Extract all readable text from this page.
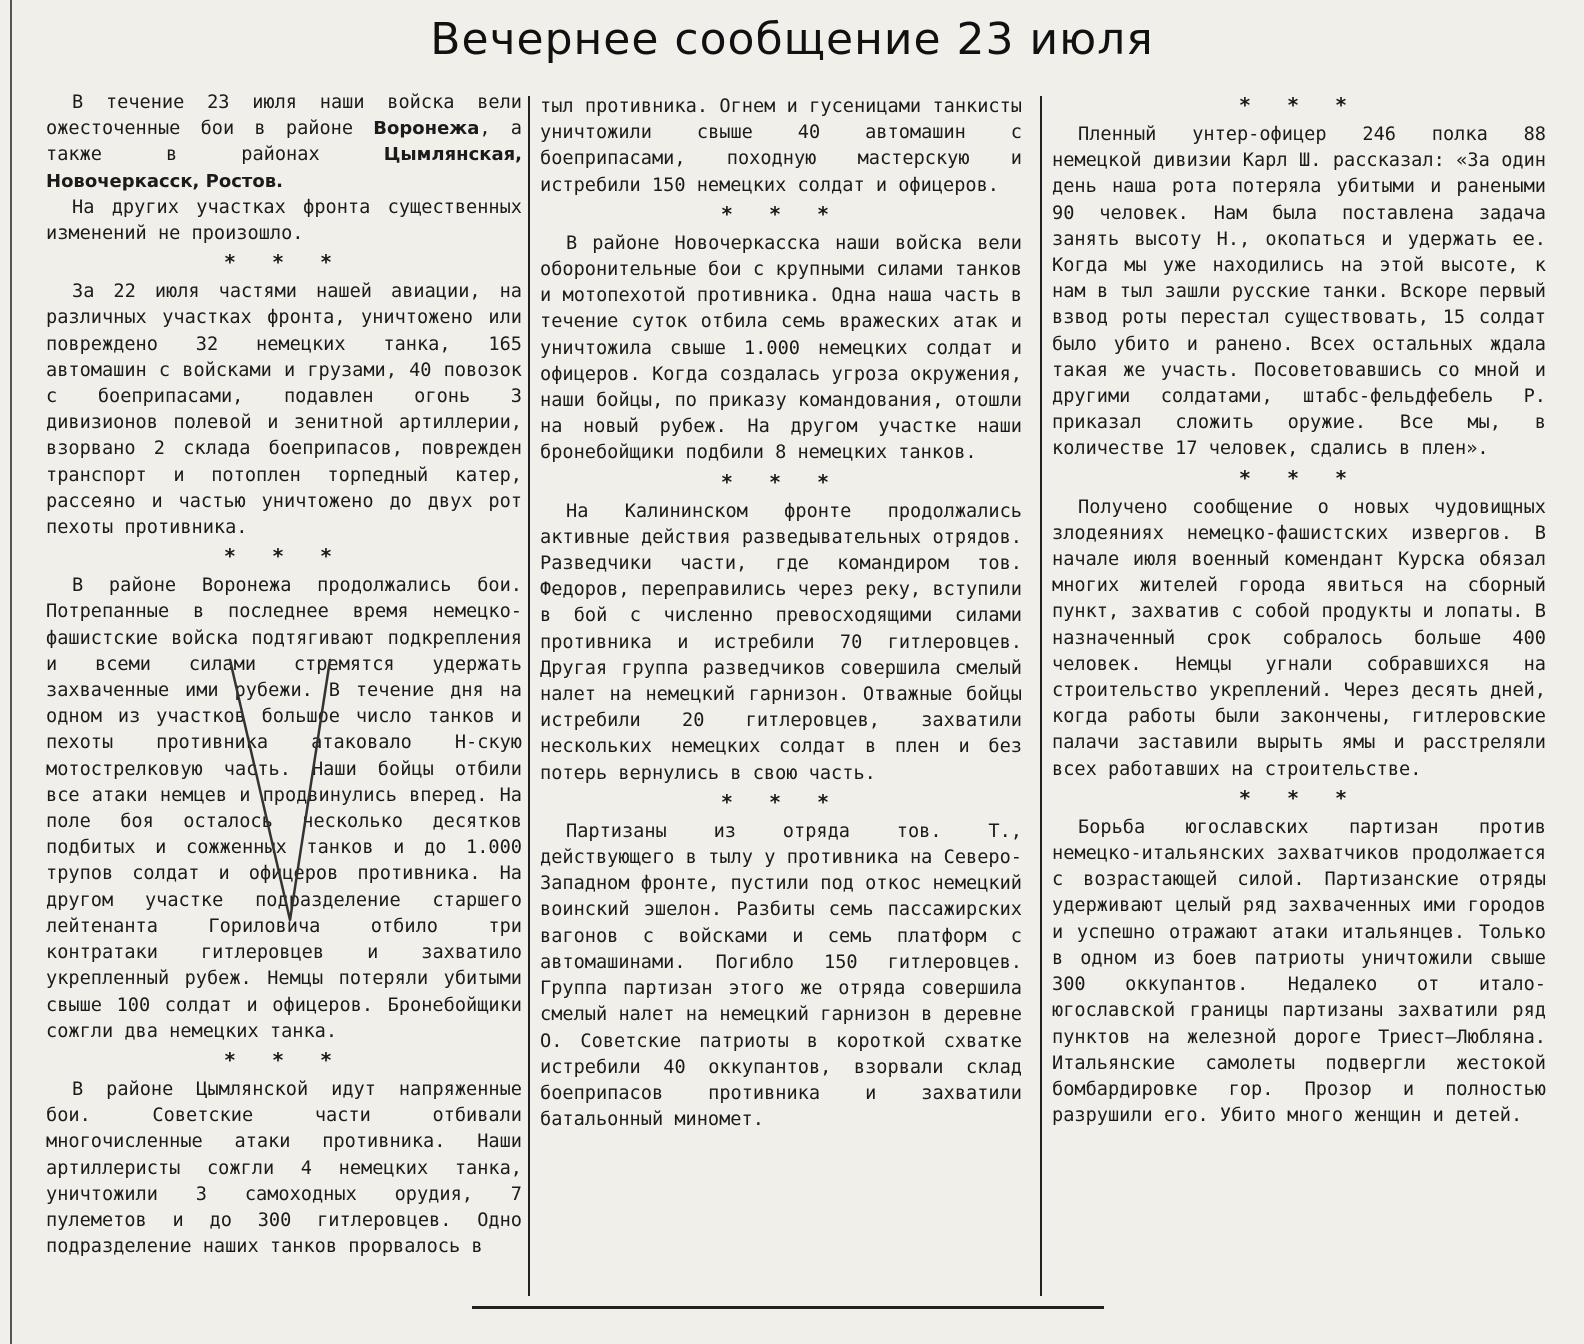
Вечернее сообщение 23 июля

В течение 23 июля наши войска вели ожесточенные бои в районе Воронежа, а также в районах Цымлянская, Новочеркасск, Ростов.

На других участках фронта существенных изменений не произошло.

* * *

За 22 июля частями нашей авиации, на различных участках фронта, уничтожено или повреждено 32 немецких танка, 165 автомашин с войсками и грузами, 40 повозок с боеприпасами, подавлен огонь 3 дивизионов полевой и зенитной артиллерии, взорвано 2 склада боеприпасов, поврежден транспорт и потоплен торпедный катер, рассеяно и частью уничтожено до двух рот пехоты противника.

* * *

В районе Воронежа продолжались бои. Потрепанные в последнее время немецко-фашистские войска подтягивают подкрепления и всеми силами стремятся удержать захваченные ими рубежи. В течение дня на одном из участков большое число танков и пехоты противника атаковало Н-скую мотострелковую часть. Наши бойцы отбили все атаки немцев и продвинулись вперед. На поле боя осталось несколько десятков подбитых и сожженных танков и до 1.000 трупов солдат и офицеров противника. На другом участке подразделение старшего лейтенанта Гориловича отбило три контратаки гитлеровцев и захватило укрепленный рубеж. Немцы потеряли убитыми свыше 100 солдат и офицеров. Бронебойщики сожгли два немецких танка.

* * *

В районе Цымлянской идут напряженные бои. Советские части отбивали многочисленные атаки противника. Наши артиллеристы сожгли 4 немецких танка, уничтожили 3 самоходных орудия, 7 пулеметов и до 300 гитлеровцев. Одно подразделение наших танков прорвалось в

тыл противника. Огнем и гусеницами танкисты уничтожили свыше 40 автомашин с боеприпасами, походную мастерскую и истребили 150 немецких солдат и офицеров.

* * *

В районе Новочеркасска наши войска вели оборонительные бои с крупными силами танков и мотопехотой противника. Одна наша часть в течение суток отбила семь вражеских атак и уничтожила свыше 1.000 немецких солдат и офицеров. Когда создалась угроза окружения, наши бойцы, по приказу командования, отошли на новый рубеж. На другом участке наши бронебойщики подбили 8 немецких танков.

* * *

На Калининском фронте продолжались активные действия разведывательных отрядов. Разведчики части, где командиром тов. Федоров, переправились через реку, вступили в бой с численно превосходящими силами противника и истребили 70 гитлеровцев. Другая группа разведчиков совершила смелый налет на немецкий гарнизон. Отважные бойцы истребили 20 гитлеровцев, захватили нескольких немецких солдат в плен и без потерь вернулись в свою часть.

* * *

Партизаны из отряда тов. Т., действующего в тылу у противника на Северо-Западном фронте, пустили под откос немецкий воинский эшелон. Разбиты семь пассажирских вагонов с войсками и семь платформ с автомашинами. Погибло 150 гитлеровцев. Группа партизан этого же отряда совершила смелый налет на немецкий гарнизон в деревне О. Советские патриоты в короткой схватке истребили 40 оккупантов, взорвали склад боеприпасов противника и захватили батальонный миномет.

* * *

Пленный унтер-офицер 246 полка 88 немецкой дивизии Карл Ш. рассказал: «За один день наша рота потеряла убитыми и ранеными 90 человек. Нам была поставлена задача занять высоту Н., окопаться и удержать ее. Когда мы уже находились на этой высоте, к нам в тыл зашли русские танки. Вскоре первый взвод роты перестал существовать, 15 солдат было убито и ранено. Всех остальных ждала такая же участь. Посоветовавшись со мной и другими солдатами, штабс-фельдфебель Р. приказал сложить оружие. Все мы, в количестве 17 человек, сдались в плен».

* * *

Получено сообщение о новых чудовищных злодеяниях немецко-фашистских извергов. В начале июля военный комендант Курска обязал многих жителей города явиться на сборный пункт, захватив с собой продукты и лопаты. В назначенный срок собралось больше 400 человек. Немцы угнали собравшихся на строительство укреплений. Через десять дней, когда работы были закончены, гитлеровские палачи заставили вырыть ямы и расстреляли всех работавших на строительстве.

* * *

Борьба югославских партизан против немецко-итальянских захватчиков продолжается с возрастающей силой. Партизанские отряды удерживают целый ряд захваченных ими городов и успешно отражают атаки итальянцев. Только в одном из боев патриоты уничтожили свыше 300 оккупантов. Недалеко от итало-югославской границы партизаны захватили ряд пунктов на железной дороге Триест—Любляна. Итальянские самолеты подвергли жестокой бомбардировке гор. Прозор и полностью разрушили его. Убито много женщин и детей.
